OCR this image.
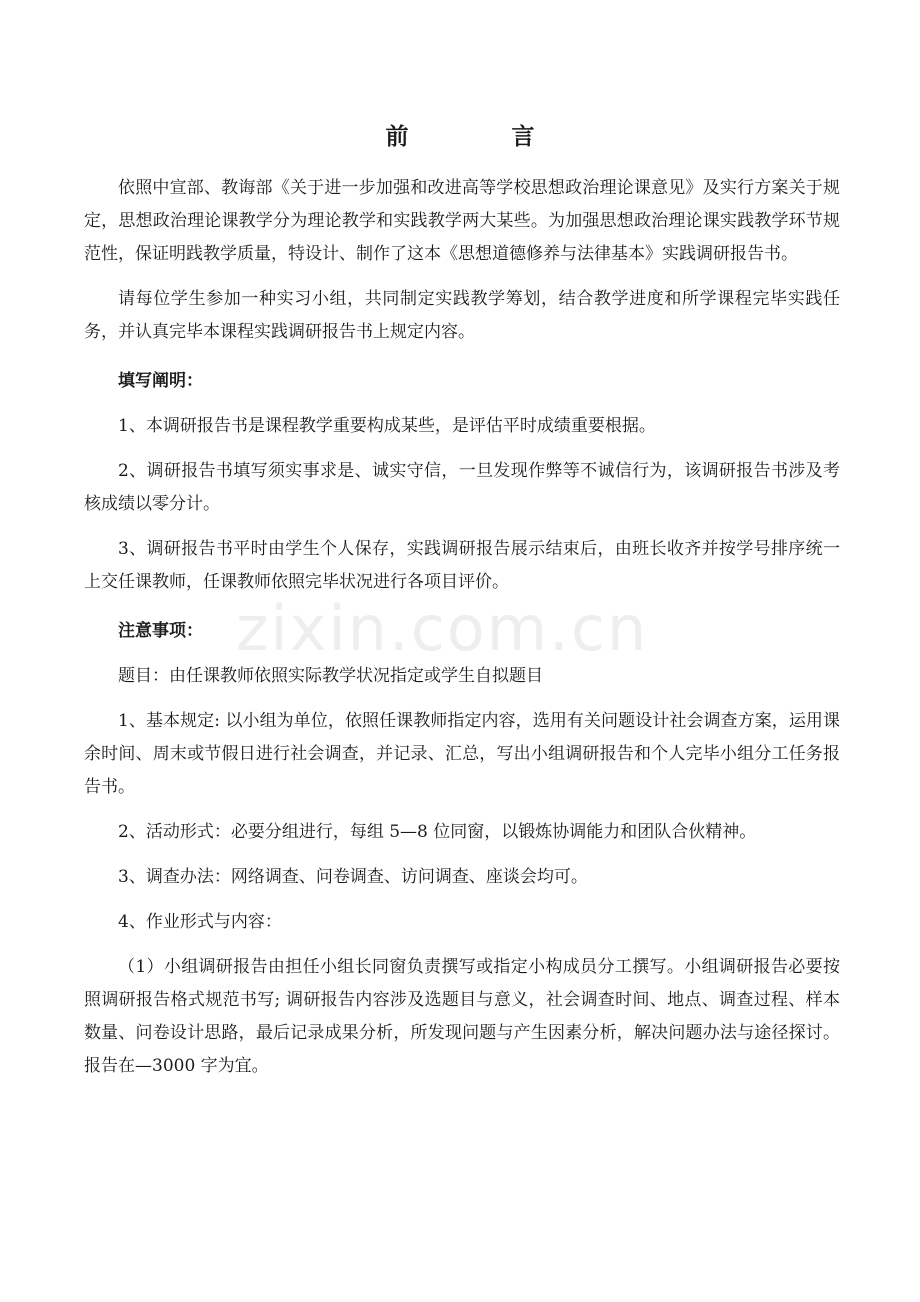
前　言

依照中宣部、教诲部《关于进一步加强和改进高等学校思想政治理论课意见》及实行方案关于规定，思想政治理论课教学分为理论教学和实践教学两大某些。为加强思想政治理论课实践教学环节规范性，保证明践教学质量，特设计、制作了这本《思想道德修养与法律基本》实践调研报告书。

请每位学生参加一种实习小组，共同制定实践教学筹划，结合教学进度和所学课程完毕实践任务，并认真完毕本课程实践调研报告书上规定内容。

填写阐明：

1、本调研报告书是课程教学重要构成某些，是评估平时成绩重要根据。

2、调研报告书填写须实事求是、诚实守信，一旦发现作弊等不诚信行为，该调研报告书涉及考核成绩以零分计。

3、调研报告书平时由学生个人保存，实践调研报告展示结束后，由班长收齐并按学号排序统一上交任课教师，任课教师依照完毕状况进行各项目评价。

注意事项：

题目：由任课教师依照实际教学状况指定或学生自拟题目

1、基本规定: 以小组为单位，依照任课教师指定内容，选用有关问题设计社会调查方案，运用课余时间、周末或节假日进行社会调查，并记录、汇总，写出小组调研报告和个人完毕小组分工任务报告书。

2、活动形式：必要分组进行，每组 5—8 位同窗，以锻炼协调能力和团队合伙精神。

3、调查办法：网络调查、问卷调查、访问调查、座谈会均可。

4、作业形式与内容：

（1）小组调研报告由担任小组长同窗负责撰写或指定小构成员分工撰写。小组调研报告必要按照调研报告格式规范书写; 调研报告内容涉及选题目与意义，社会调查时间、地点、调查过程、样本数量、问卷设计思路，最后记录成果分析，所发现问题与产生因素分析，解决问题办法与途径探讨。报告在—3000 字为宜。

zixin.com.cn
